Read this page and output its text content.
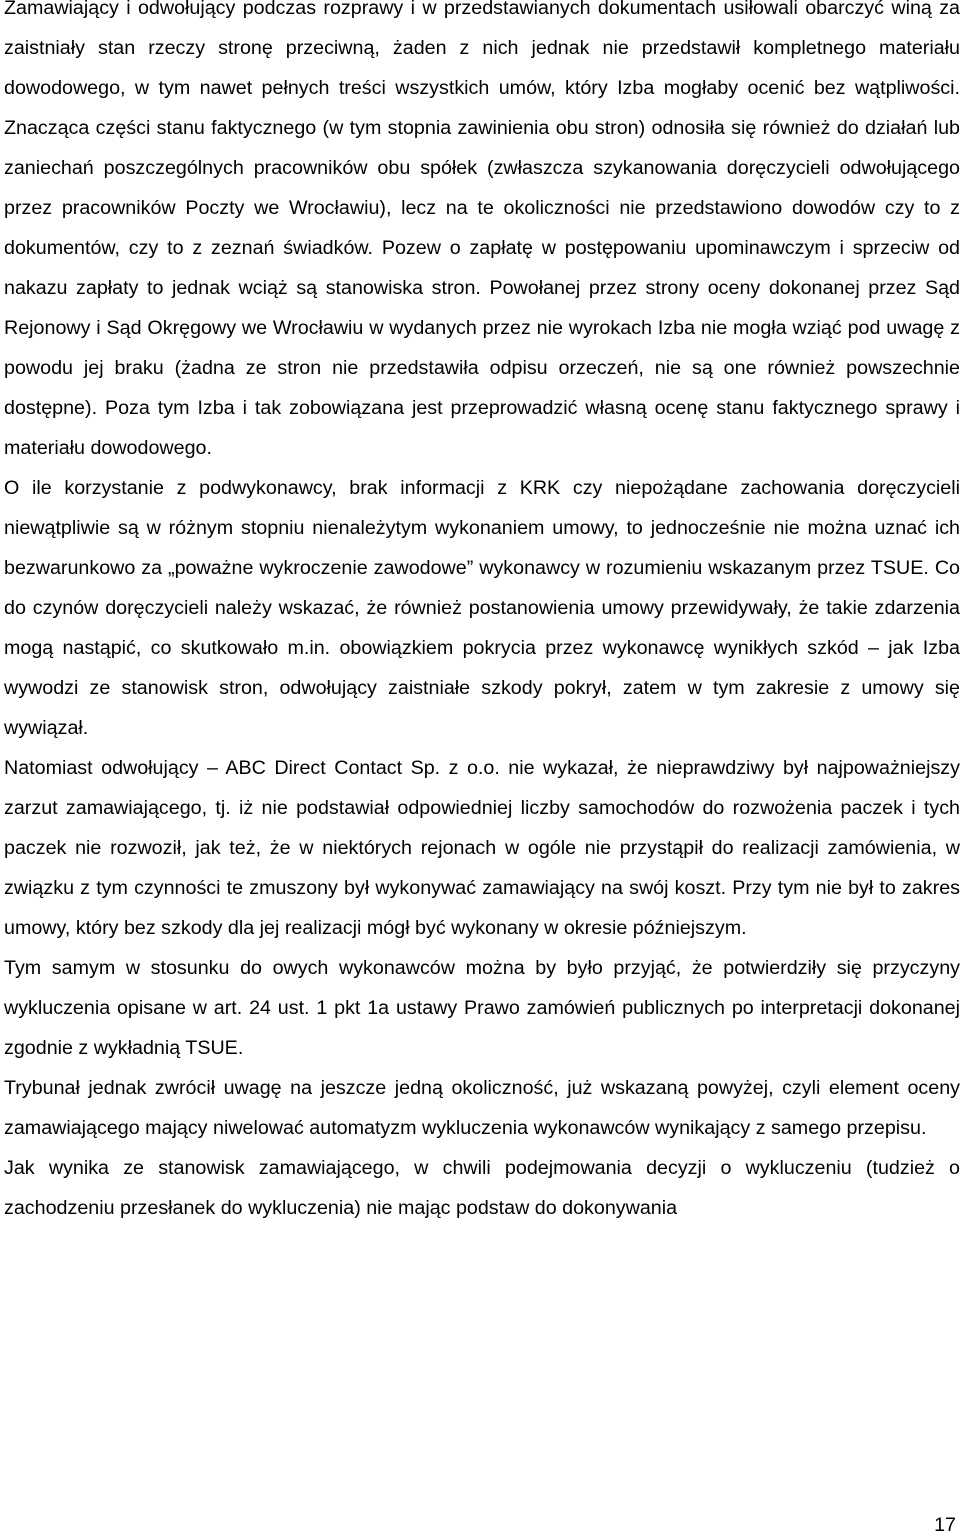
Zamawiający i odwołujący podczas rozprawy i w przedstawianych dokumentach usiłowali obarczyć winą za zaistniały stan rzeczy stronę przeciwną, żaden z nich jednak nie przedstawił kompletnego materiału dowodowego, w tym nawet pełnych treści wszystkich umów, który Izba mogłaby ocenić bez wątpliwości. Znacząca części stanu faktycznego (w tym stopnia zawinienia obu stron) odnosiła się również do działań lub zaniechań poszczególnych pracowników obu spółek (zwłaszcza szykanowania doręczycieli odwołującego przez pracowników Poczty we Wrocławiu), lecz na te okoliczności nie przedstawiono dowodów czy to z dokumentów, czy to z zeznań świadków. Pozew o zapłatę w postępowaniu upominawczym i sprzeciw od nakazu zapłaty to jednak wciąż są stanowiska stron. Powołanej przez strony oceny dokonanej przez Sąd Rejonowy i Sąd Okręgowy we Wrocławiu w wydanych przez nie wyrokach Izba nie mogła wziąć pod uwagę z powodu jej braku (żadna ze stron nie przedstawiła odpisu orzeczeń, nie są one również powszechnie dostępne). Poza tym Izba i tak zobowiązana jest przeprowadzić własną ocenę stanu faktycznego sprawy i materiału dowodowego.

O ile korzystanie z podwykonawcy, brak informacji z KRK czy niepożądane zachowania doręczycieli niewątpliwie są w różnym stopniu nienależytym wykonaniem umowy, to jednocześnie nie można uznać ich bezwarunkowo za „poważne wykroczenie zawodowe” wykonawcy w rozumieniu wskazanym przez TSUE. Co do czynów doręczycieli należy wskazać, że również postanowienia umowy przewidywały, że takie zdarzenia mogą nastąpić, co skutkowało m.in. obowiązkiem pokrycia przez wykonawcę wynikłych szkód – jak Izba wywodzi ze stanowisk stron, odwołujący zaistniałe szkody pokrył, zatem w tym zakresie z umowy się wywiązał.

Natomiast odwołujący – ABC Direct Contact Sp. z o.o. nie wykazał, że nieprawdziwy był najpoważniejszy zarzut zamawiającego, tj. iż nie podstawiał odpowiedniej liczby samochodów do rozwożenia paczek i tych paczek nie rozwoził, jak też, że w niektórych rejonach w ogóle nie przystąpił do realizacji zamówienia, w związku z tym czynności te zmuszony był wykonywać zamawiający na swój koszt. Przy tym nie był to zakres umowy, który bez szkody dla jej realizacji mógł być wykonany w okresie późniejszym.

Tym samym w stosunku do owych wykonawców można by było przyjąć, że potwierdziły się przyczyny wykluczenia opisane w art. 24 ust. 1 pkt 1a ustawy Prawo zamówień publicznych po interpretacji dokonanej zgodnie z wykładnią TSUE.

Trybunał jednak zwrócił uwagę na jeszcze jedną okoliczność, już wskazaną powyżej, czyli element oceny zamawiającego mający niwelować automatyzm wykluczenia wykonawców wynikający z samego przepisu.

Jak wynika ze stanowisk zamawiającego, w chwili podejmowania decyzji o wykluczeniu (tudzież o zachodzeniu przesłanek do wykluczenia) nie mając podstaw do dokonywania

17
